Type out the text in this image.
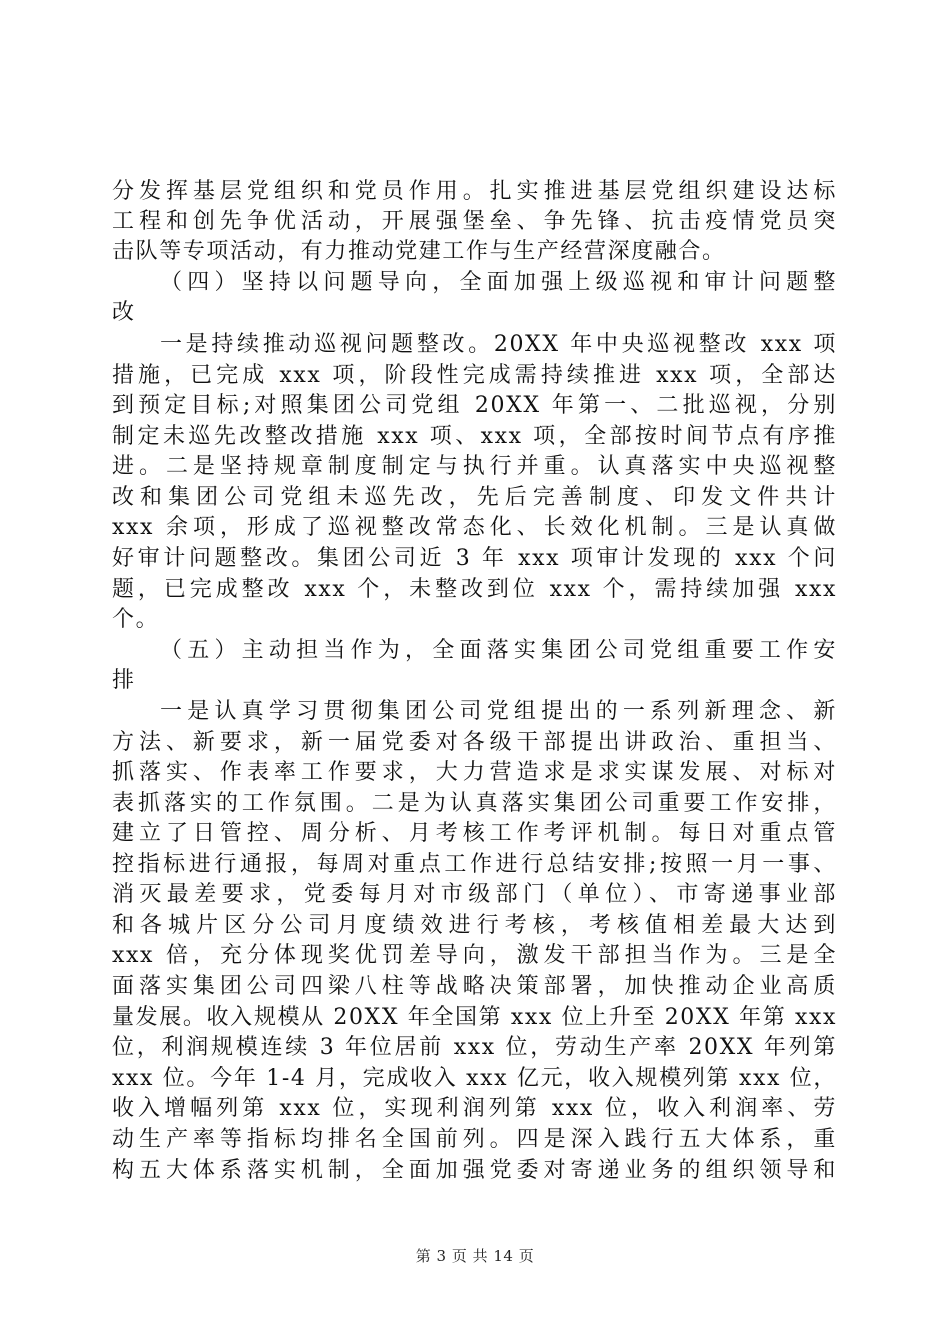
分发挥基层党组织和党员作用。扎实推进基层党组织建设达标
工程和创先争优活动，开展强堡垒、争先锋、抗击疫情党员突
击队等专项活动，有力推动党建工作与生产经营深度融合。
（四）坚持以问题导向，全面加强上级巡视和审计问题整
改
一是持续推动巡视问题整改。20XX 年中央巡视整改 xxx 项
措施，已完成 xxx 项，阶段性完成需持续推进 xxx 项，全部达
到预定目标;对照集团公司党组 20XX 年第一、二批巡视，分别
制定未巡先改整改措施 xxx 项、xxx 项，全部按时间节点有序推
进。二是坚持规章制度制定与执行并重。认真落实中央巡视整
改和集团公司党组未巡先改，先后完善制度、印发文件共计
xxx 余项，形成了巡视整改常态化、长效化机制。三是认真做
好审计问题整改。集团公司近 3 年 xxx 项审计发现的 xxx 个问
题，已完成整改 xxx 个，未整改到位 xxx 个，需持续加强 xxx
个。
（五）主动担当作为，全面落实集团公司党组重要工作安
排
一是认真学习贯彻集团公司党组提出的一系列新理念、新
方法、新要求，新一届党委对各级干部提出讲政治、重担当、
抓落实、作表率工作要求，大力营造求是求实谋发展、对标对
表抓落实的工作氛围。二是为认真落实集团公司重要工作安排，
建立了日管控、周分析、月考核工作考评机制。每日对重点管
控指标进行通报，每周对重点工作进行总结安排;按照一月一事、
消灭最差要求，党委每月对市级部门（单位）、市寄递事业部
和各城片区分公司月度绩效进行考核，考核值相差最大达到
xxx 倍，充分体现奖优罚差导向，激发干部担当作为。三是全
面落实集团公司四梁八柱等战略决策部署，加快推动企业高质
量发展。收入规模从 20XX 年全国第 xxx 位上升至 20XX 年第 xxx
位，利润规模连续 3 年位居前 xxx 位，劳动生产率 20XX 年列第
xxx 位。今年 1-4 月，完成收入 xxx 亿元，收入规模列第 xxx 位，
收入增幅列第 xxx 位，实现利润列第 xxx 位，收入利润率、劳
动生产率等指标均排名全国前列。四是深入践行五大体系，重
构五大体系落实机制，全面加强党委对寄递业务的组织领导和
第 3 页 共 14 页
